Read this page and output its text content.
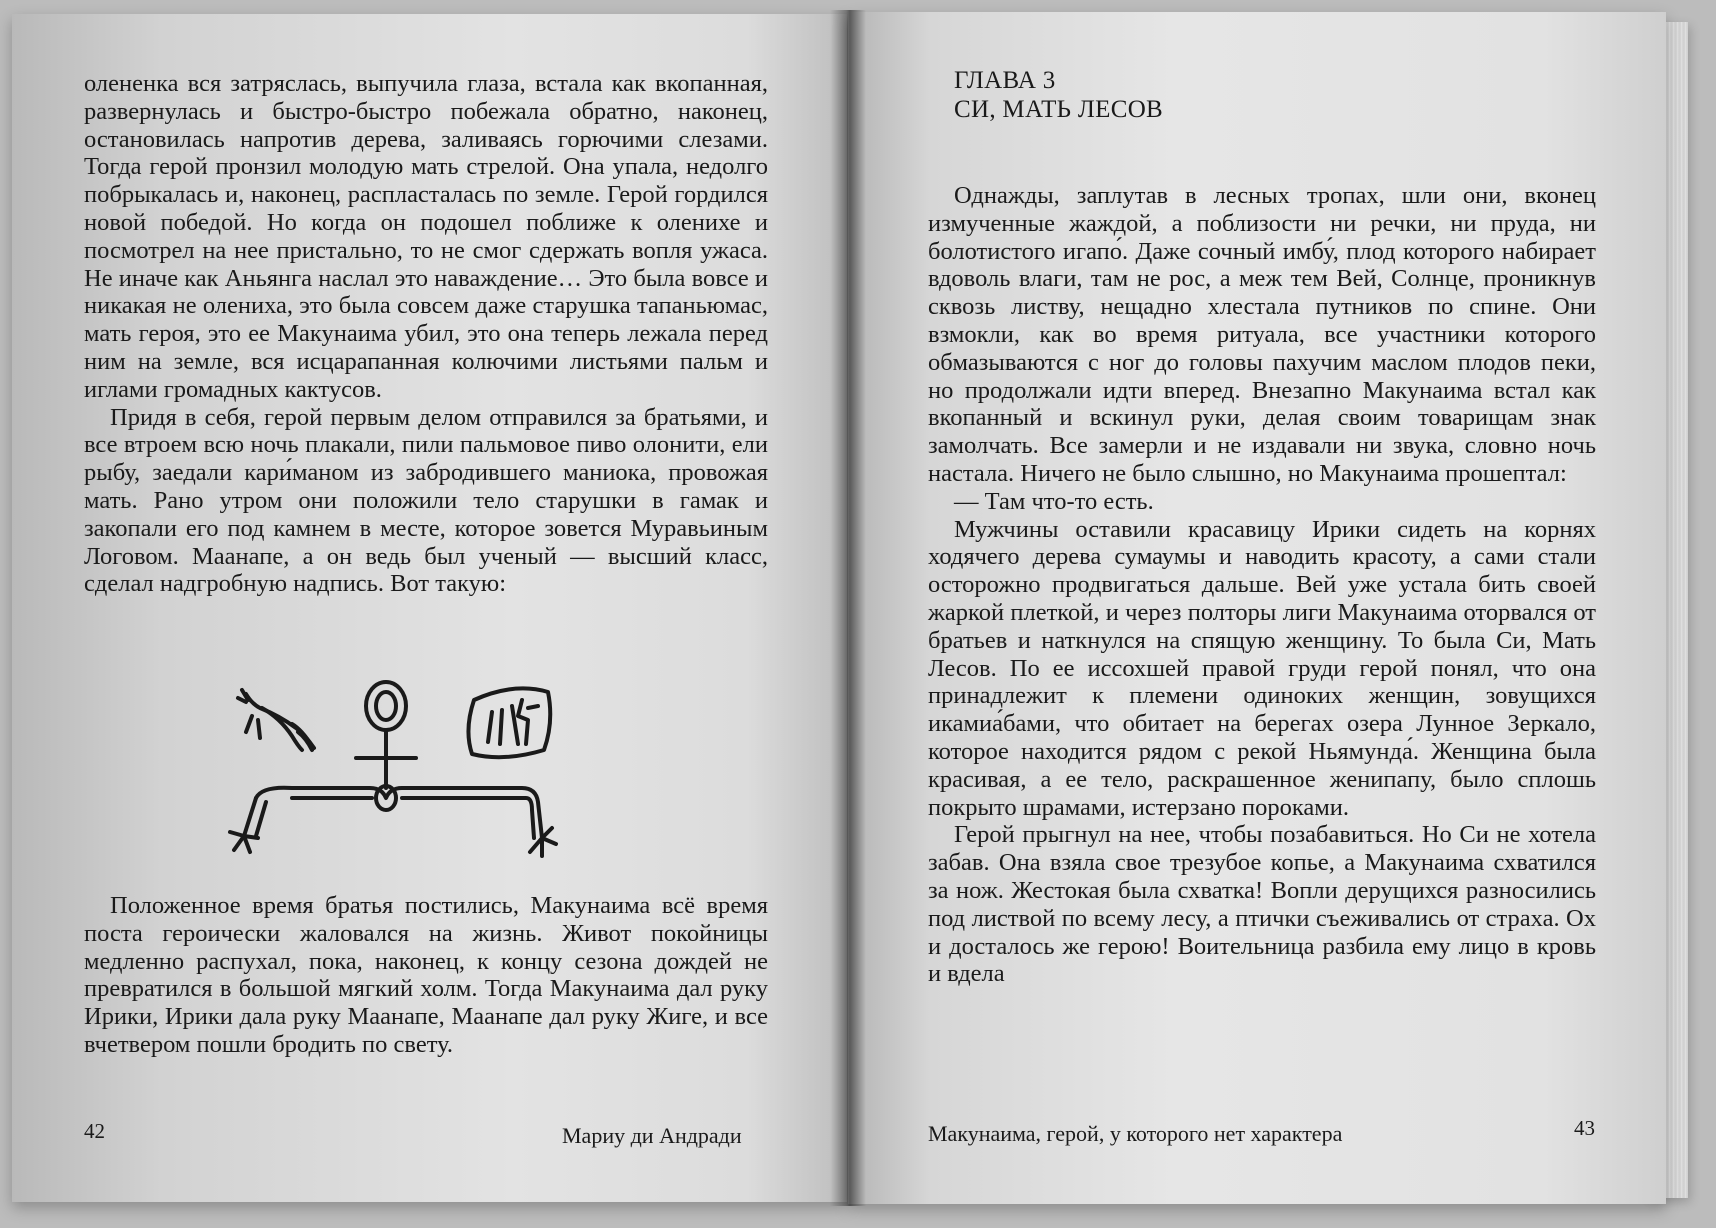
олененка вся затряслась, выпучила глаза, встала как вкопанная, развернулась и быстро-быстро побежала обратно, наконец, остановилась напротив дерева, заливаясь горючими слезами. Тогда герой пронзил молодую мать стрелой. Она упала, недолго побрыкалась и, наконец, распласталась по земле. Герой гордился новой победой. Но когда он подошел поближе к оленихе и посмотрел на нее пристально, то не смог сдержать вопля ужаса. Не иначе как Аньянга наслал это наваждение… Это была вовсе и никакая не олениха, это была совсем даже старушка тапаньюмас, мать героя, это ее Макунаима убил, это она теперь лежала перед ним на земле, вся исцарапанная колючими листьями пальм и иглами громадных кактусов.

Придя в себя, герой первым делом отправился за братьями, и все втроем всю ночь плакали, пили пальмовое пиво олонити, ели рыбу, заедали кари́маном из забродившего маниока, провожая мать. Рано утром они положили тело старушки в гамак и закопали его под камнем в месте, которое зовется Муравьиным Логовом. Маанапе, а он ведь был ученый — высший класс, сделал надгробную надпись. Вот такую:

Положенное время братья постились, Макунаима всё время поста героически жаловался на жизнь. Живот покойницы медленно распухал, пока, наконец, к концу сезона дождей не превратился в большой мягкий холм. Тогда Макунаима дал руку Ирики, Ирики дала руку Маанапе, Маанапе дал руку Жиге, и все вчетвером пошли бродить по свету.

42	Мариу ди Андради
ГЛАВА 3
СИ, МАТЬ ЛЕСОВ

Однажды, заплутав в лесных тропах, шли они, вконец измученные жаждой, а поблизости ни речки, ни пруда, ни болотистого игапо́. Даже сочный имбу́, плод которого набирает вдоволь влаги, там не рос, а меж тем Вей, Солнце, проникнув сквозь листву, нещадно хлестала путников по спине. Они взмокли, как во время ритуала, все участники которого обмазываются с ног до головы пахучим маслом плодов пеки, но продолжали идти вперед. Внезапно Макунаима встал как вкопанный и вскинул руки, делая своим товарищам знак замолчать. Все замерли и не издавали ни звука, словно ночь настала. Ничего не было слышно, но Макунаима прошептал:

— Там что-то есть.

Мужчины оставили красавицу Ирики сидеть на корнях ходячего дерева сумаумы и наводить красоту, а сами стали осторожно продвигаться дальше. Вей уже устала бить своей жаркой плеткой, и через полторы лиги Макунаима оторвался от братьев и наткнулся на спящую женщину. То была Си, Мать Лесов. По ее иссохшей правой груди герой понял, что она принадлежит к племени одиноких женщин, зовущихся икамиа́бами, что обитает на берегах озера Лунное Зеркало, которое находится рядом с рекой Ньямунда́. Женщина была красивая, а ее тело, раскрашенное женипапу, было сплошь покрыто шрамами, истерзано пороками.

Герой прыгнул на нее, чтобы позабавиться. Но Си не хотела забав. Она взяла свое трезубое копье, а Макунаима схватился за нож. Жестокая была схватка! Вопли дерущихся разносились под листвой по всему лесу, а птички съеживались от страха. Ох и досталось же герою! Воительница разбила ему лицо в кровь и вдела

Макунаима, герой, у которого нет характера	43
